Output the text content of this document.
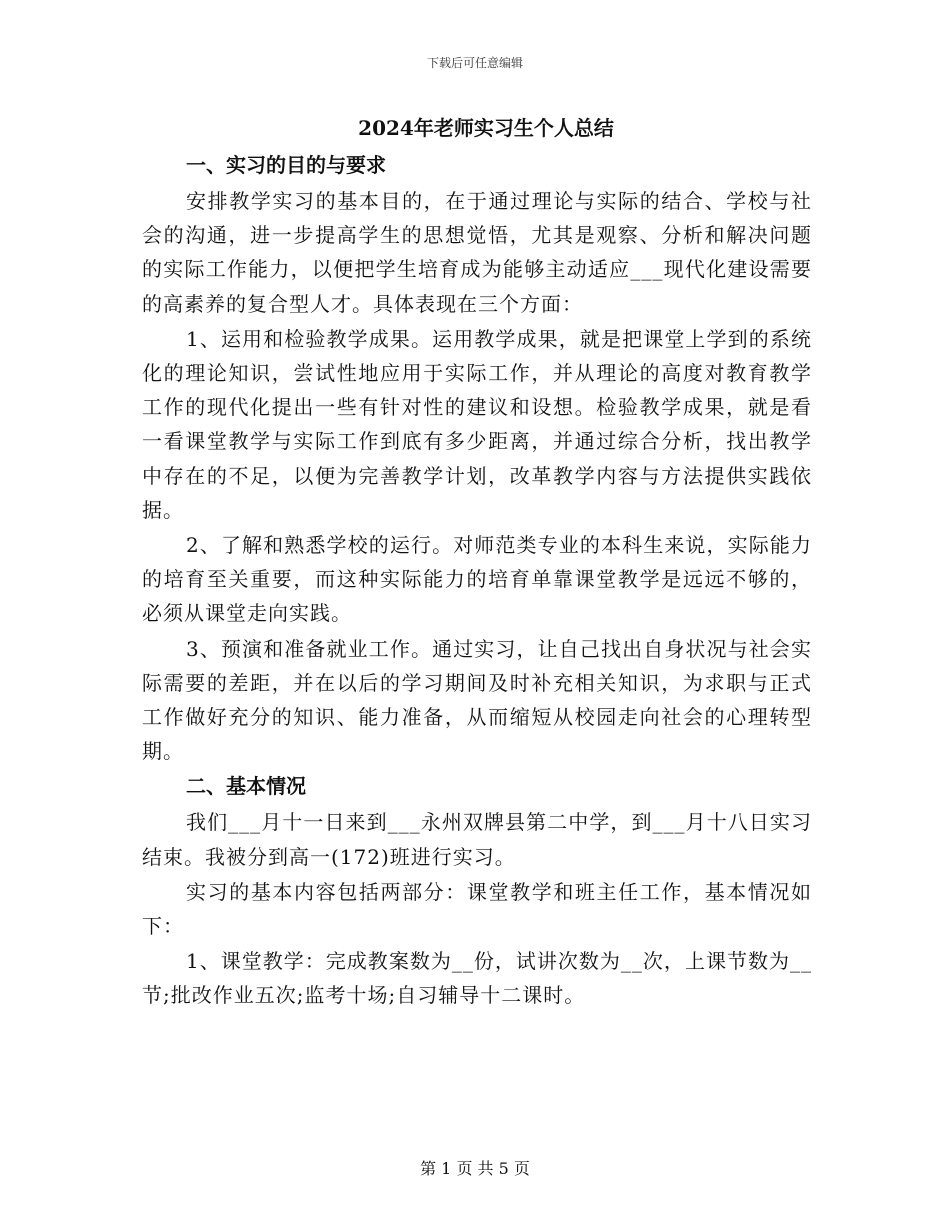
下载后可任意编辑
2024年老师实习生个人总结
一、实习的目的与要求

安排教学实习的基本目的，在于通过理论与实际的结合、学校与社会的沟通，进一步提高学生的思想觉悟，尤其是观察、分析和解决问题的实际工作能力，以便把学生培育成为能够主动适应___现代化建设需要的高素养的复合型人才。具体表现在三个方面：

1、运用和检验教学成果。运用教学成果，就是把课堂上学到的系统化的理论知识，尝试性地应用于实际工作，并从理论的高度对教育教学工作的现代化提出一些有针对性的建议和设想。检验教学成果，就是看一看课堂教学与实际工作到底有多少距离，并通过综合分析，找出教学中存在的不足，以便为完善教学计划，改革教学内容与方法提供实践依据。

2、了解和熟悉学校的运行。对师范类专业的本科生来说，实际能力的培育至关重要，而这种实际能力的培育单靠课堂教学是远远不够的，必须从课堂走向实践。

3、预演和准备就业工作。通过实习，让自己找出自身状况与社会实际需要的差距，并在以后的学习期间及时补充相关知识，为求职与正式工作做好充分的知识、能力准备，从而缩短从校园走向社会的心理转型期。

二、基本情况

我们___月十一日来到___永州双牌县第二中学，到___月十八日实习结束。我被分到高一(172)班进行实习。

实习的基本内容包括两部分：课堂教学和班主任工作，基本情况如下：

1、课堂教学：完成教案数为__份，试讲次数为__次，上课节数为__节;批改作业五次;监考十场;自习辅导十二课时。

第 1 页 共 5 页
